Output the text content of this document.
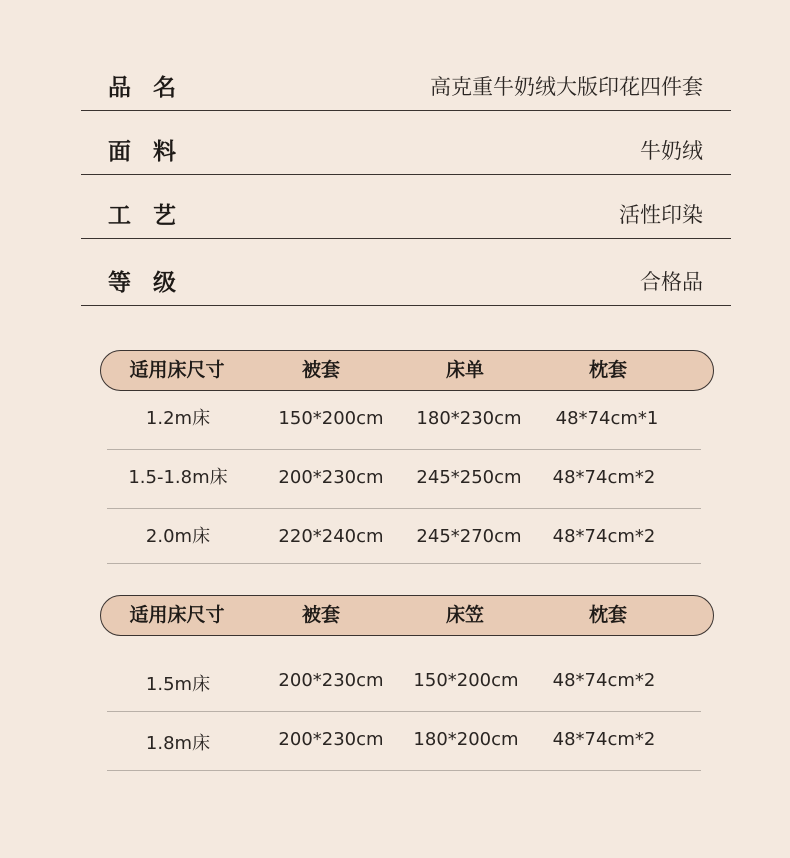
品名	高克重牛奶绒大版印花四件套
面料	牛奶绒
工艺	活性印染
等级	合格品
适用床尺寸	被套	床单	枕套
1.2m床	150*200cm 180*230cm 48*74cm*1
1.5-1.8m床	200*230cm 245*250cm 48*74cm*2
2.0m床	220*240cm 245*270cm 48*74cm*2
适用床尺寸	被套	床笠	枕套
1.5m床	200*230cm 150*200cm 48*74cm*2
1.8m床	200*230cm 180*200cm 48*74cm*2
